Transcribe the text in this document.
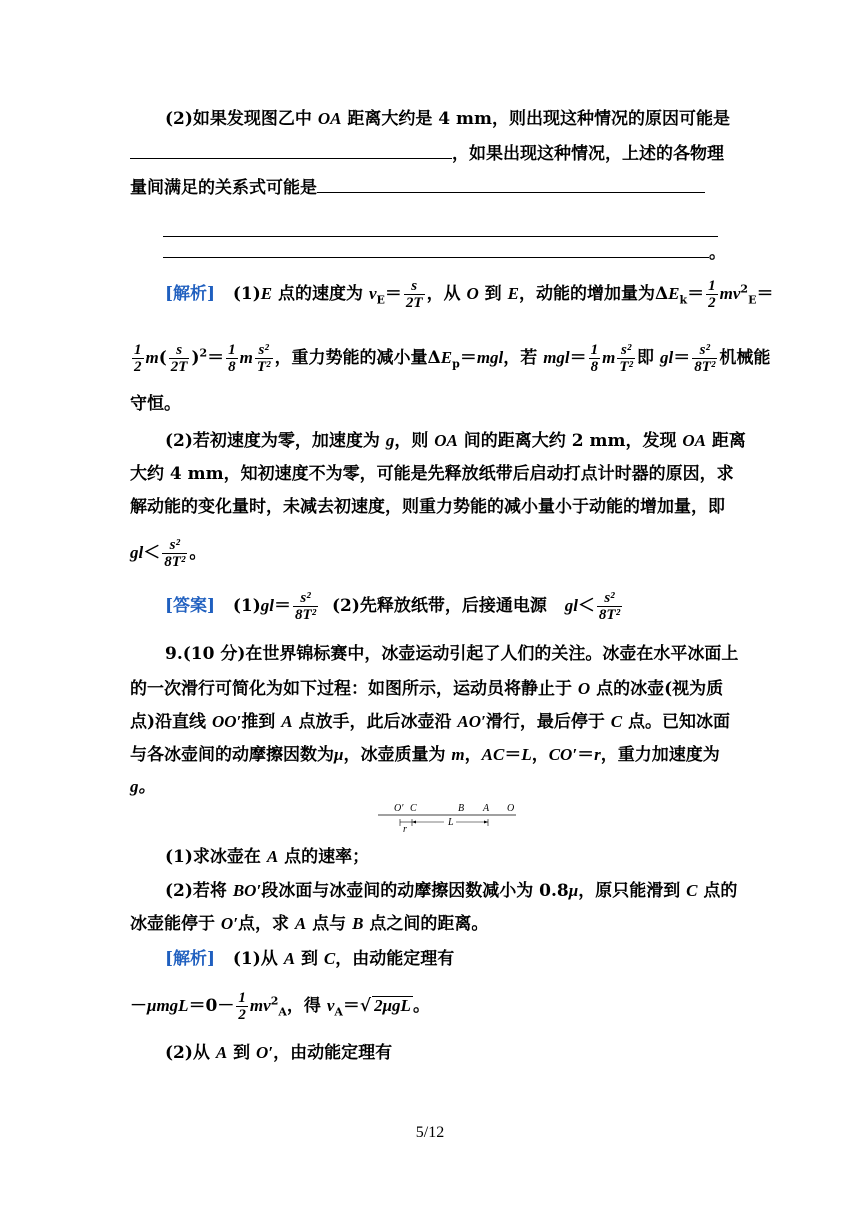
(2)如果发现图乙中 OA 距离大约是 4 mm，则出现这种情况的原因可能是
，如果出现这种情况，上述的各物理
量间满足的关系式可能是
。
[解析]   (1)E 点的速度为 $v_E= \frac{s}{2T}$ ，从 O 到 E，动能的增加量为$\Delta E_k= \frac{1}{2} mv^2_E=$
$\frac{1}{2} m( \frac{s}{2T} )^2= \frac{1}{8}$ m $\frac{\text{s²}}{\text{T²}}$ ，重力势能的减小量$\Delta E_p=mgl$，若 $mgl= \frac{1}{8}$ m $\frac{\text{s²}}{\text{T²}}$ 即 $gl= \frac{\text{s²}}{\text{8T²}}$ 机械能
守恒。
(2)若初速度为零，加速度为 g，则 OA 间的距离大约 2 mm，发现 OA 距离
大约 4 mm，知初速度不为零，可能是先释放纸带后启动打点计时器的原因，求
解动能的变化量时，未减去初速度，则重力势能的减小量小于动能的增加量，即
$gl< \frac{\text{s²}}{\text{8T²}}$ 。
[答案]   $(1)gl= \frac{\text{s²}}{\text{8T²}} (2)$先释放纸带，后接通电源   $gl< \frac{\text{s²}}{\text{8T²}}$
9.(10 分)在世界锦标赛中，冰壶运动引起了人们的关注。冰壶在水平冰面上
的一次滑行可简化为如下过程：如图所示，运动员将静止于 O 点的冰壶(视为质
点)沿直线 OO′推到 A 点放手，此后冰壶沿 AO′滑行，最后停于 C 点。已知冰面
与各冰壶间的动摩擦因数为μ，冰壶质量为 m，AC＝L，CO′＝r，重力加速度为
g。
O′ C	B A O
r
L
(1)求冰壶在 A 点的速率；
(2)若将 BO′段冰面与冰壶间的动摩擦因数减小为 0.8μ，原只能滑到 C 点的
冰壶能停于 O′点，求 A 点与 B 点之间的距离。
[解析]   (1)从 A 到 C，由动能定理有
$-\mu mgL=0- \frac{1}{2} mv^2_A$，得 $v_A=√$ 2μgL 。
(2)从 A 到 O′，由动能定理有
5/12
